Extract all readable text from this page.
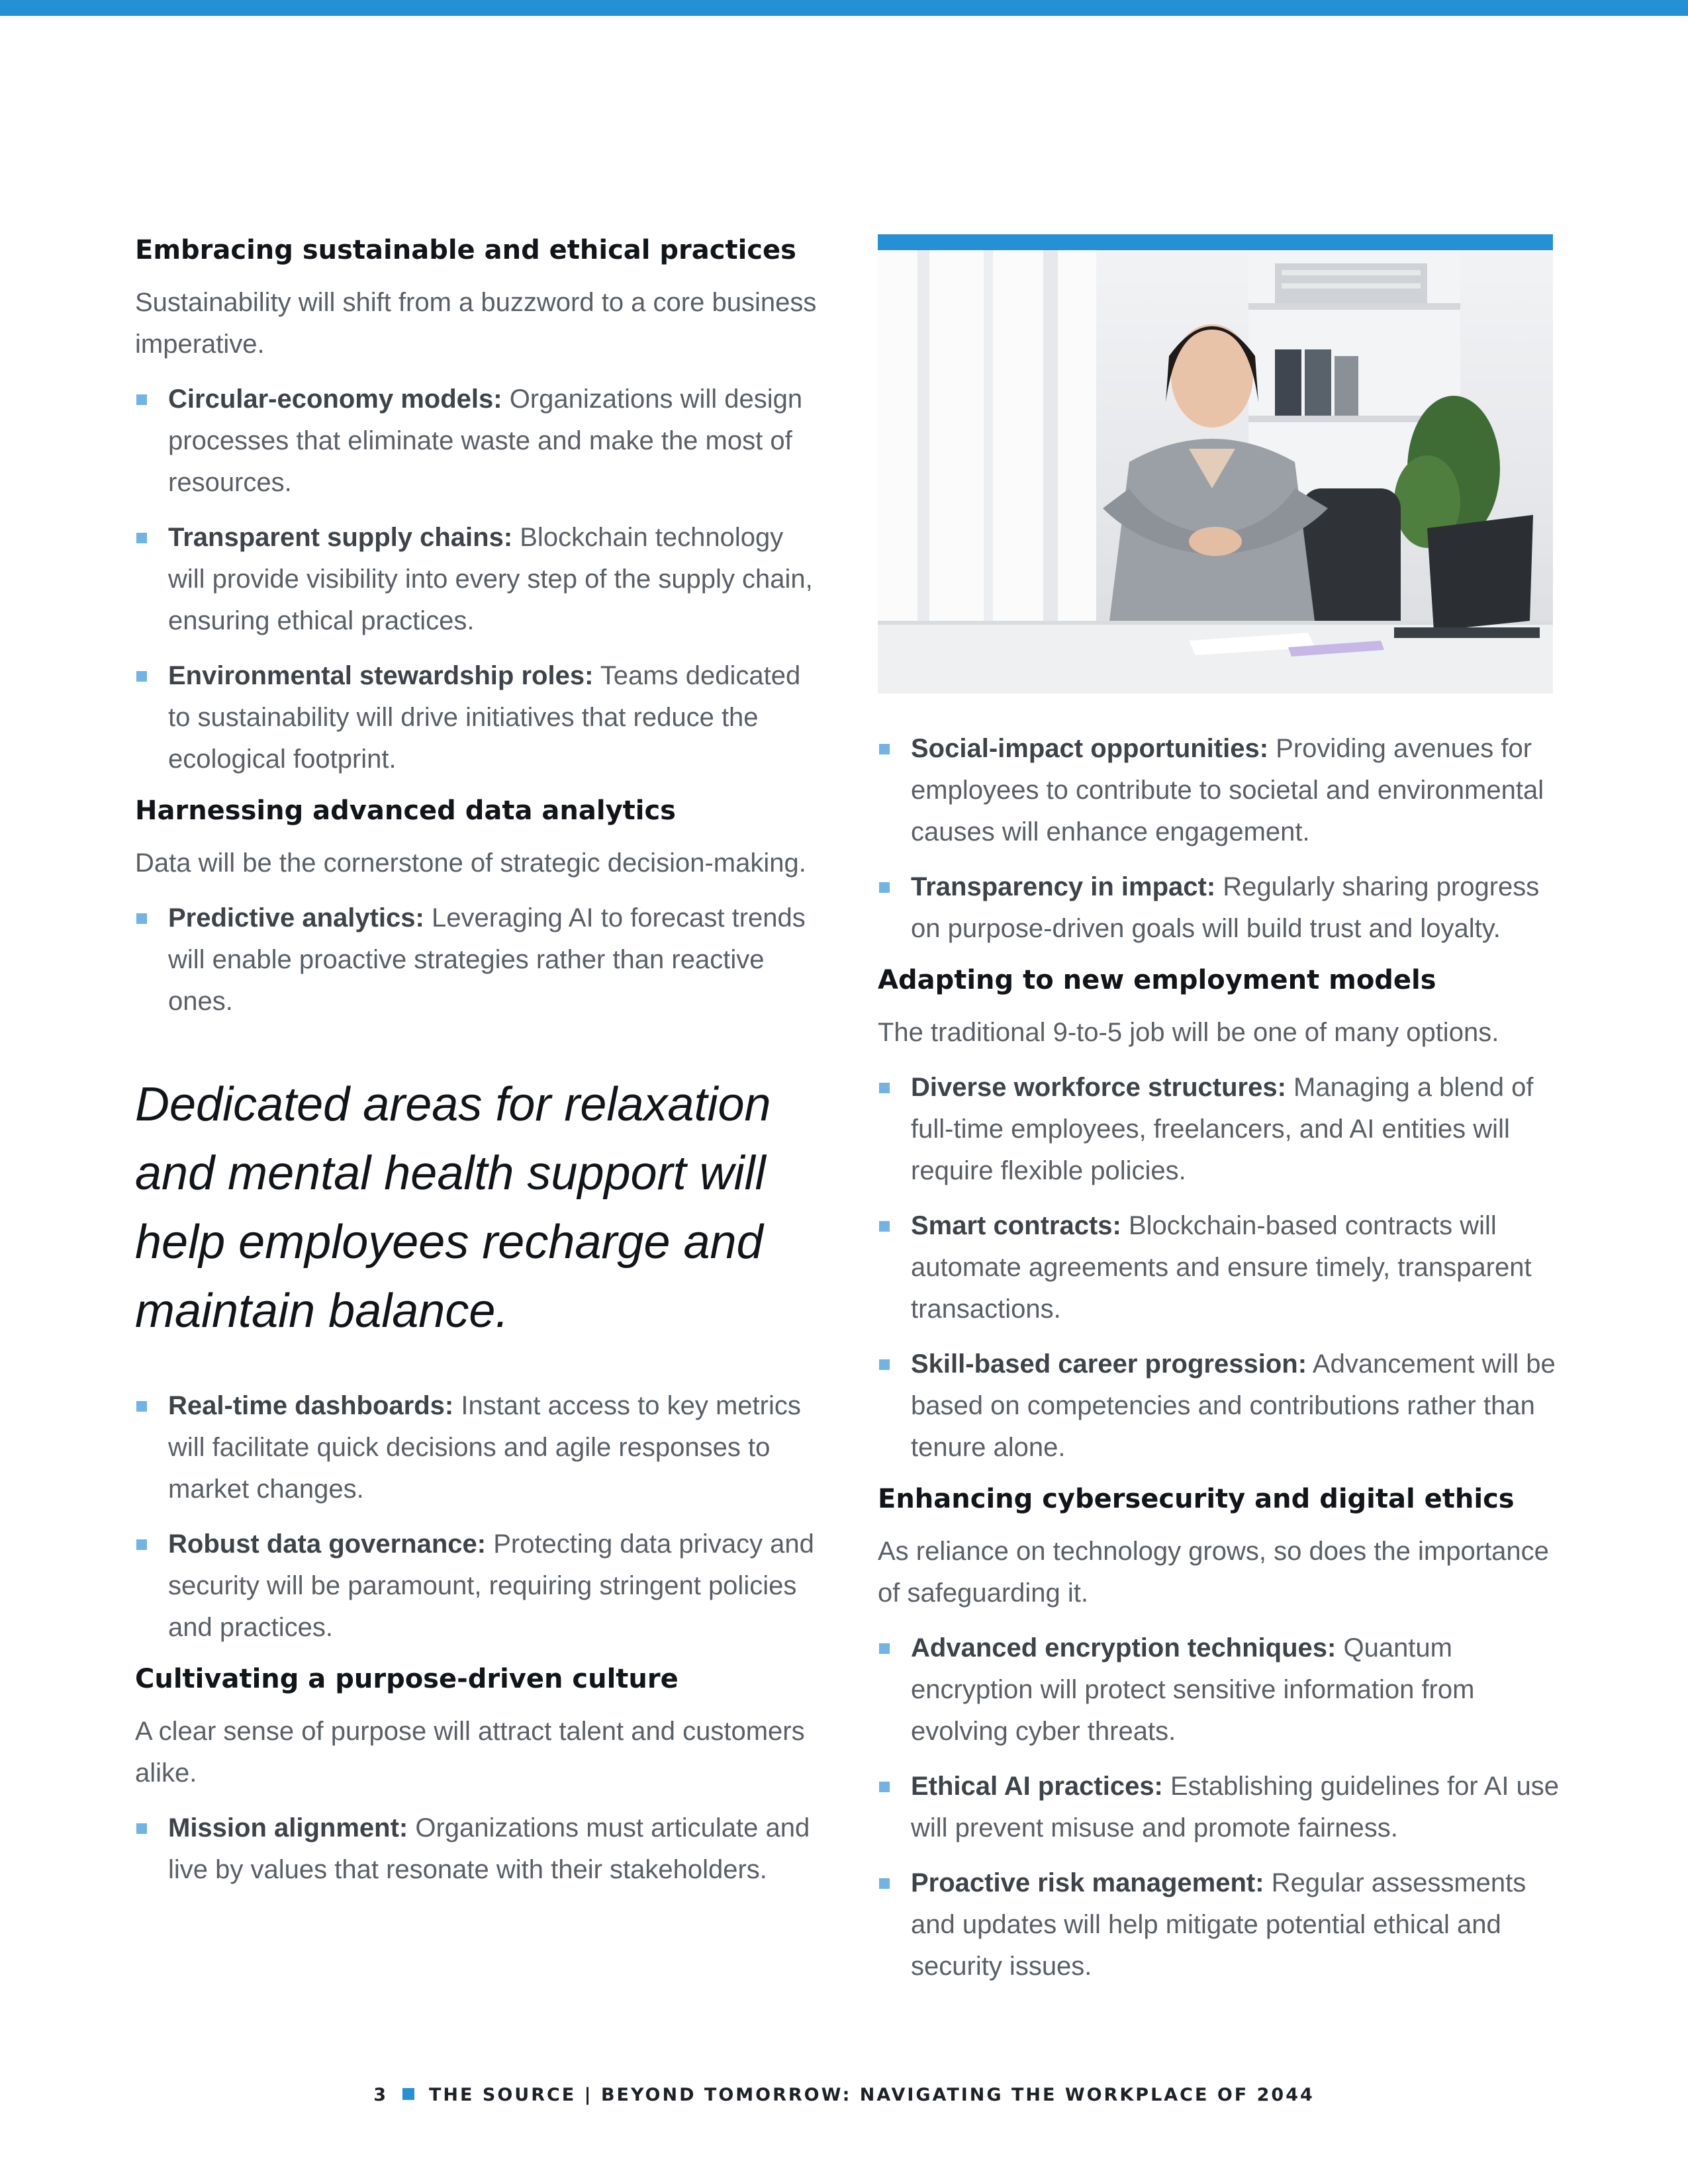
Embracing sustainable and ethical practices

Sustainability will shift from a buzzword to a core business imperative.

Circular-economy models: Organizations will design processes that eliminate waste and make the most of resources.
Transparent supply chains: Blockchain technology will provide visibility into every step of the supply chain, ensuring ethical practices.
Environmental stewardship roles: Teams dedicated to sustainability will drive initiatives that reduce the ecological footprint.
Harnessing advanced data analytics

Data will be the cornerstone of strategic decision-making.

Predictive analytics: Leveraging AI to forecast trends will enable proactive strategies rather than reactive ones.
Dedicated areas for relaxation and mental health support will help employees recharge and maintain balance.
Real-time dashboards: Instant access to key metrics will facilitate quick decisions and agile responses to market changes.
Robust data governance: Protecting data privacy and security will be paramount, requiring stringent policies and practices.
Cultivating a purpose-driven culture

A clear sense of purpose will attract talent and customers alike.

Mission alignment: Organizations must articulate and live by values that resonate with their stakeholders.
Social-impact opportunities: Providing avenues for employees to contribute to societal and environmental causes will enhance engagement.
Transparency in impact: Regularly sharing progress on purpose-driven goals will build trust and loyalty.
Adapting to new employment models

The traditional 9-to-5 job will be one of many options.

Diverse workforce structures: Managing a blend of full-time employees, freelancers, and AI entities will require flexible policies.
Smart contracts: Blockchain-based contracts will automate agreements and ensure timely, transparent transactions.
Skill-based career progression: Advancement will be based on competencies and contributions rather than tenure alone.
Enhancing cybersecurity and digital ethics

As reliance on technology grows, so does the importance of safeguarding it.

Advanced encryption techniques: Quantum encryption will protect sensitive information from evolving cyber threats.
Ethical AI practices: Establishing guidelines for AI use will prevent misuse and promote fairness.
Proactive risk management: Regular assessments and updates will help mitigate potential ethical and security issues.
3 THE SOURCE | BEYOND TOMORROW: NAVIGATING THE WORKPLACE OF 2044
